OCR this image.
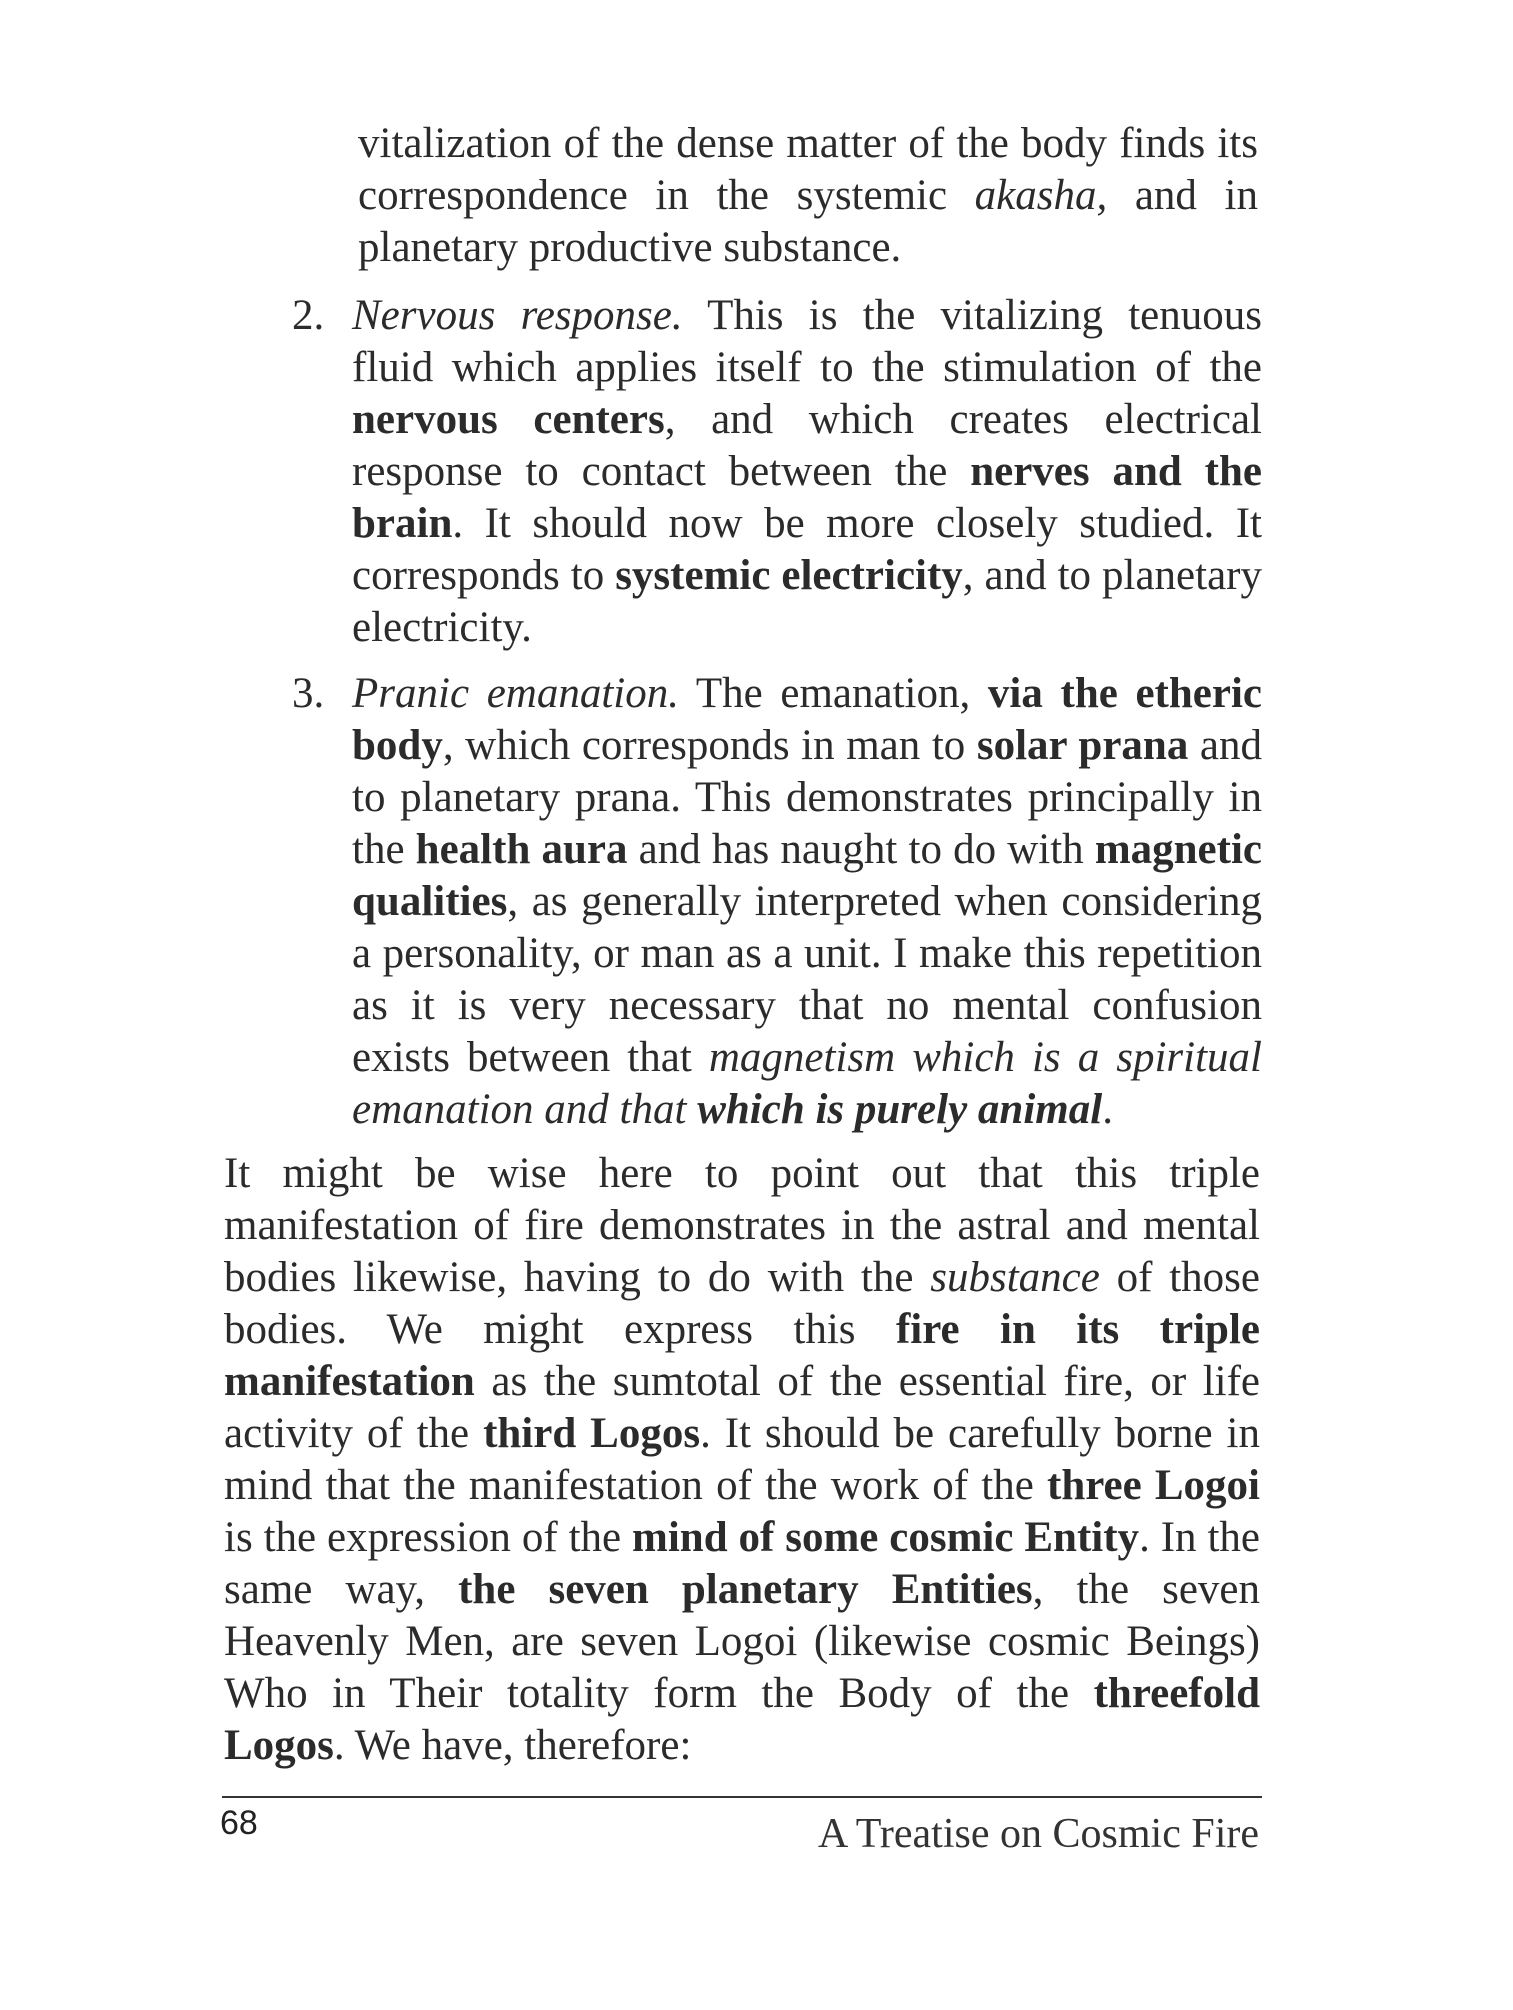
vitalization of the dense matter of the body finds its correspondence in the systemic akasha, and in planetary productive substance.
2. Nervous response. This is the vitalizing tenuous fluid which applies itself to the stimulation of the nervous centers, and which creates electrical response to contact between the nerves and the brain. It should now be more closely studied. It corresponds to systemic electricity, and to planetary electricity.
3. Pranic emanation. The emanation, via the etheric body, which corresponds in man to solar prana and to planetary prana. This demonstrates principally in the health aura and has naught to do with magnetic qualities, as generally interpreted when considering a personality, or man as a unit. I make this repetition as it is very necessary that no mental confusion exists between that magnetism which is a spiritual emanation and that which is purely animal.
It might be wise here to point out that this triple manifestation of fire demonstrates in the astral and mental bodies likewise, having to do with the substance of those bodies. We might express this fire in its triple manifestation as the sumtotal of the essential fire, or life activity of the third Logos. It should be carefully borne in mind that the manifestation of the work of the three Logoi is the expression of the mind of some cosmic Entity. In the same way, the seven planetary Entities, the seven Heavenly Men, are seven Logoi (likewise cosmic Beings) Who in Their totality form the Body of the threefold Logos. We have, therefore:
68	A Treatise on Cosmic Fire
